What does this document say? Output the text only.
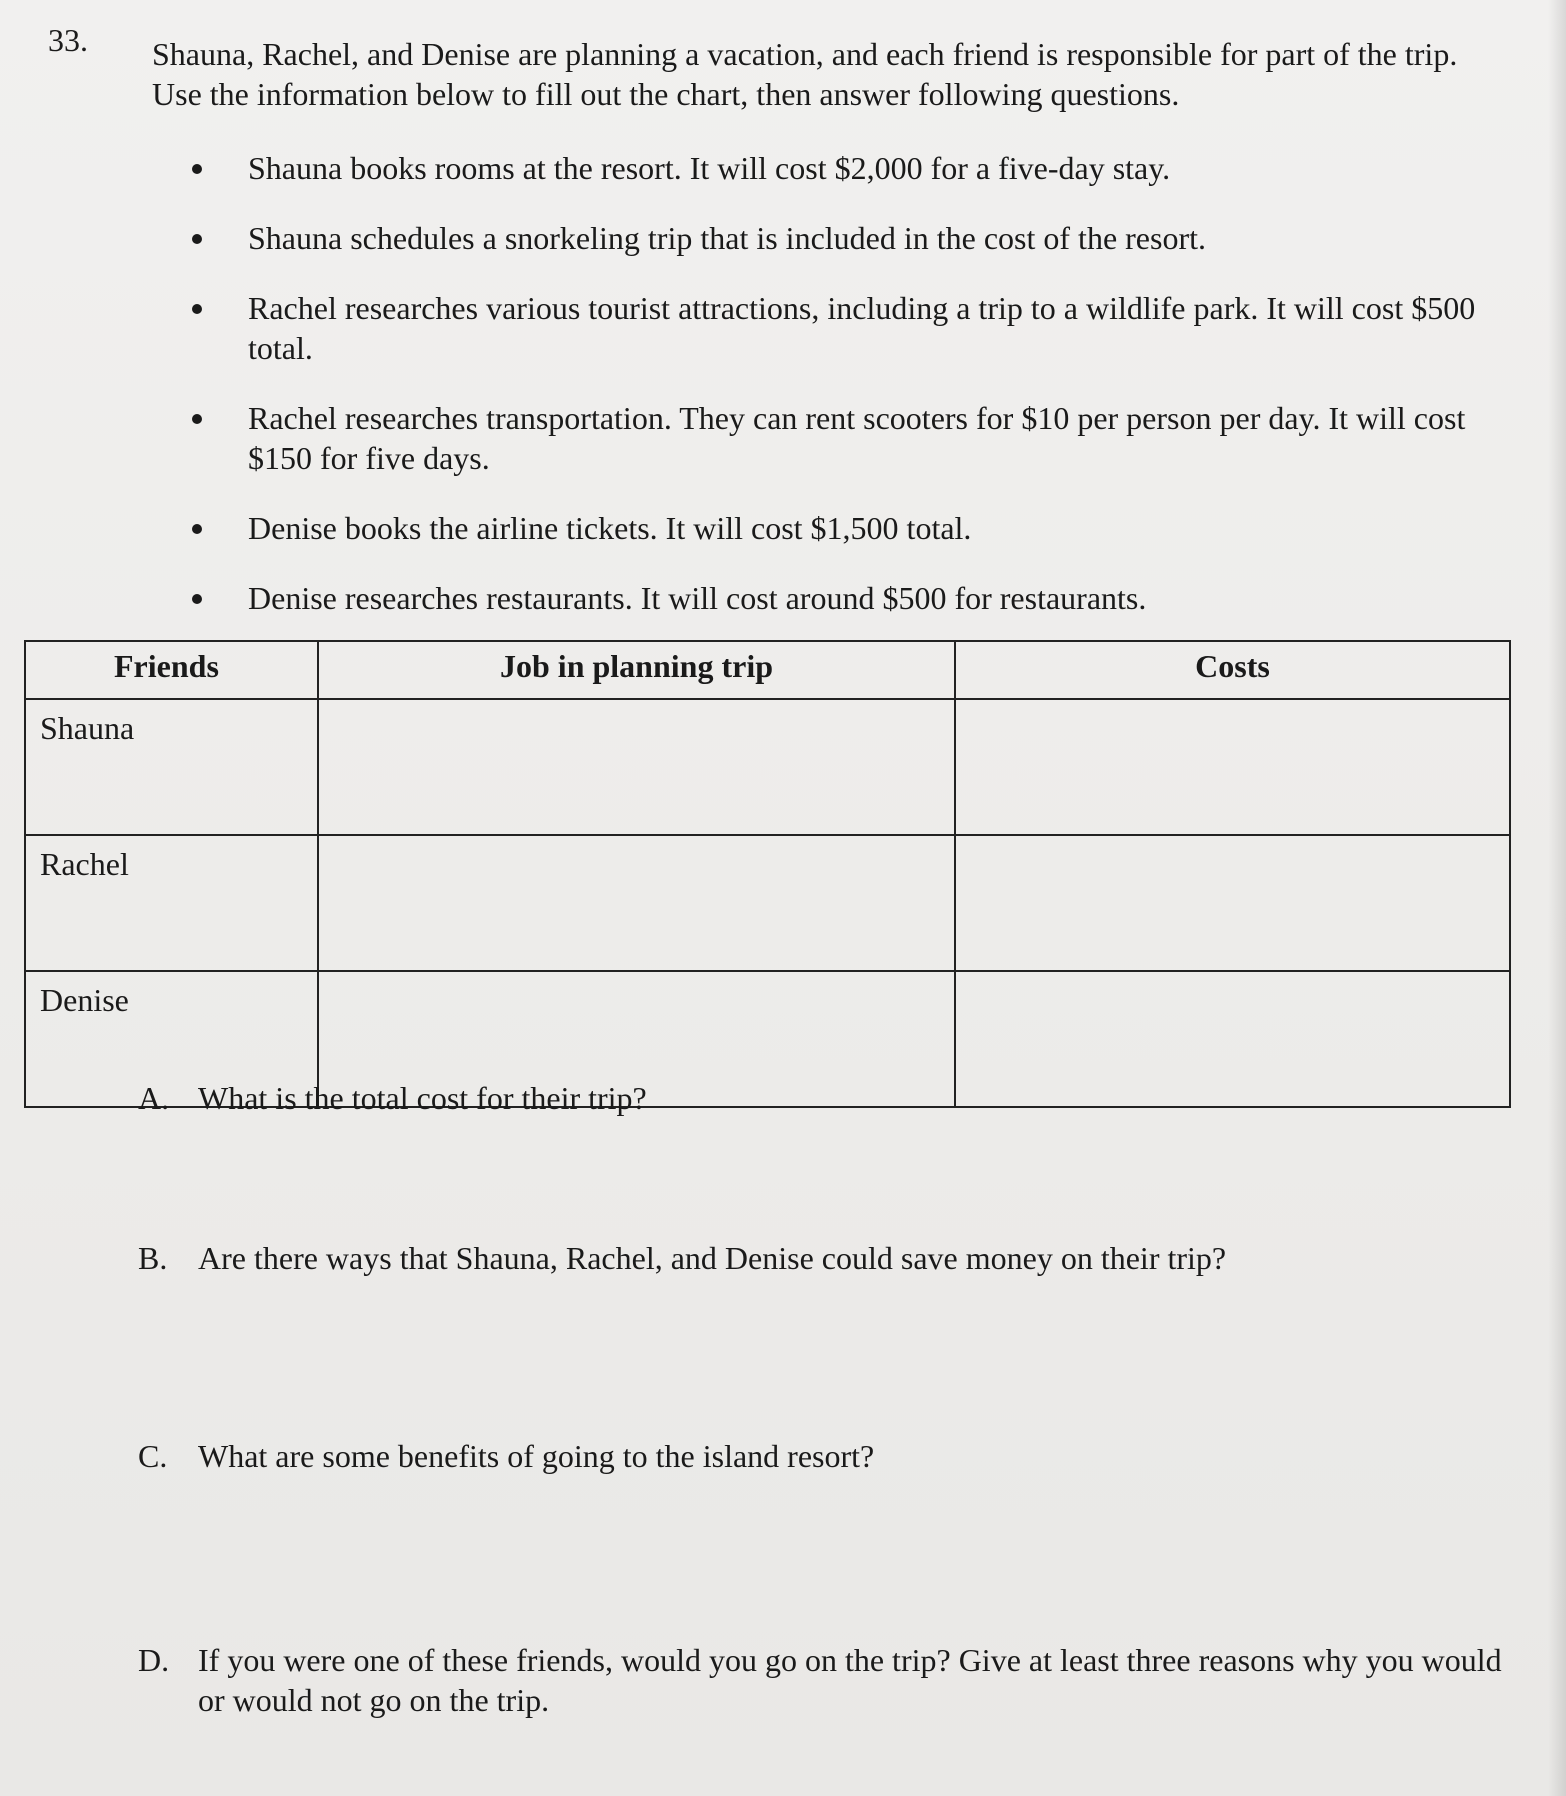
33. Shauna, Rachel, and Denise are planning a vacation, and each friend is responsible for part of the trip. Use the information below to fill out the chart, then answer following questions.

Shauna books rooms at the resort. It will cost $2,000 for a five-day stay.
Shauna schedules a snorkeling trip that is included in the cost of the resort.
Rachel researches various tourist attractions, including a trip to a wildlife park. It will cost $500 total.
Rachel researches transportation. They can rent scooters for $10 per person per day. It will cost $150 for five days.
Denise books the airline tickets. It will cost $1,500 total.
Denise researches restaurants. It will cost around $500 for restaurants.
Friends	Job in planning trip	Costs
Shauna		
Rachel		
Denise		
A. What is the total cost for their trip?
B. Are there ways that Shauna, Rachel, and Denise could save money on their trip?
C. What are some benefits of going to the island resort?
D. If you were one of these friends, would you go on the trip? Give at least three reasons why you would or would not go on the trip.
